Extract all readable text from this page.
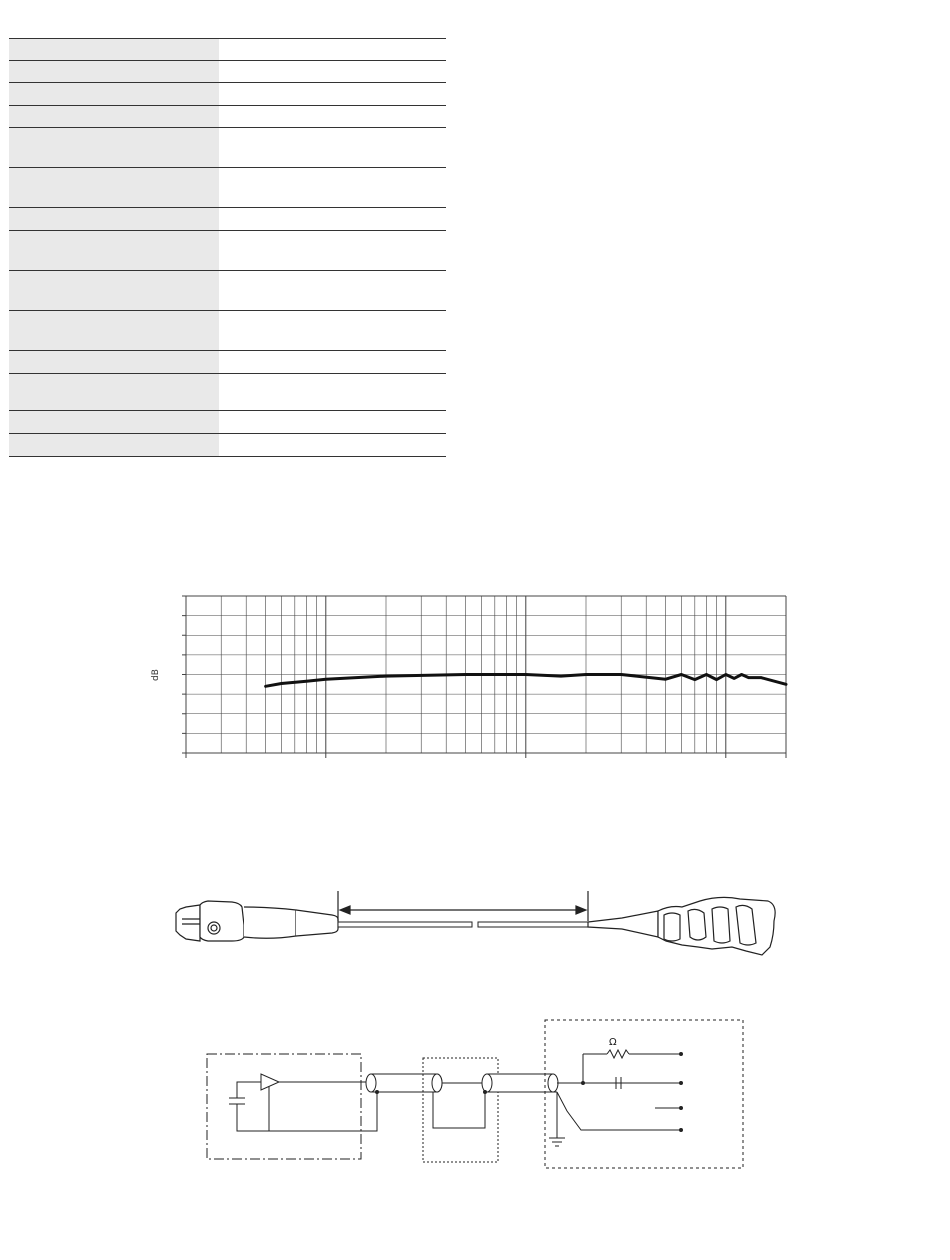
dB
Ω
